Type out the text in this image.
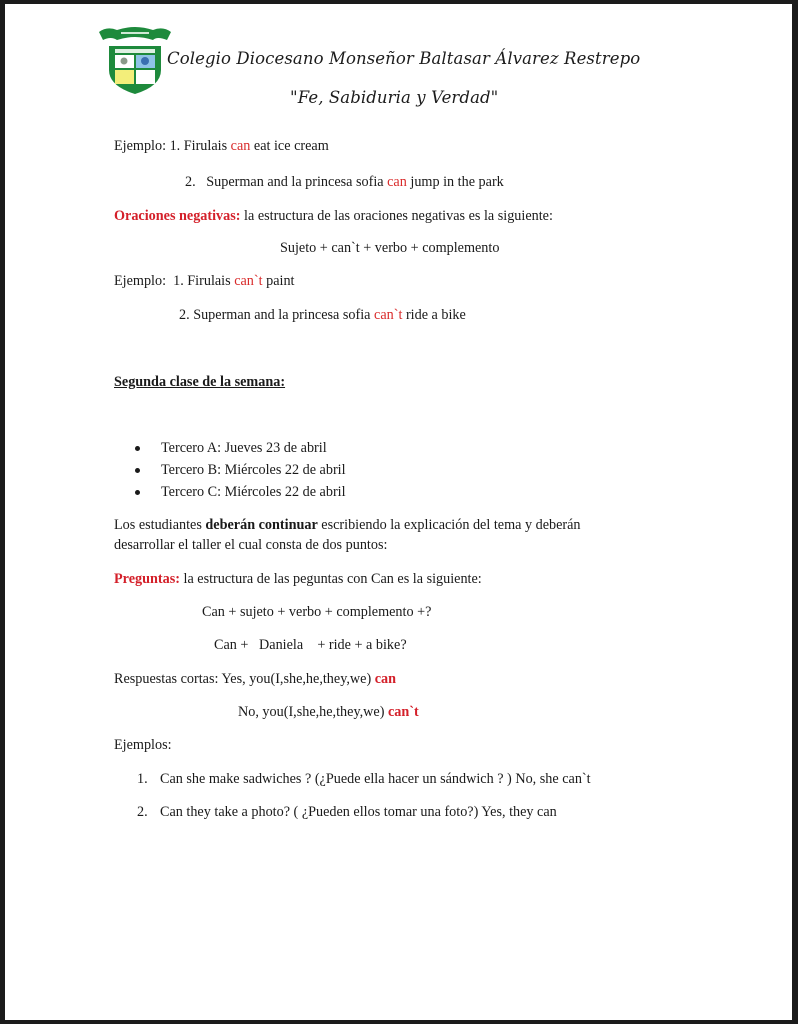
Colegio Diocesano Monseñor Baltasar Álvarez Restrepo
"Fe, Sabiduria y Verdad"
Ejemplo: 1. Firulais can eat ice cream
2. Superman and la princesa sofia can jump in the park
Oraciones negativas: la estructura de las oraciones negativas es la siguiente:
Sujeto + can`t + verbo + complemento
Ejemplo: 1. Firulais can`t paint
2. Superman and la princesa sofia can`t ride a bike
Segunda clase de la semana:
Tercero A: Jueves 23 de abril
Tercero B: Miércoles 22 de abril
Tercero C: Miércoles 22 de abril
Los estudiantes deberán continuar escribiendo la explicación del tema y deberán
desarrollar el taller el cual consta de dos puntos:
Preguntas: la estructura de las peguntas con Can es la siguiente:
Can + sujeto + verbo + complemento +?
Can +   Daniela    + ride + a bike?
Respuestas cortas: Yes, you(I,she,he,they,we) can
No, you(I,she,he,they,we) can`t
Ejemplos:
1. Can she make sadwiches ? (¿Puede ella hacer un sándwich ? ) No, she can`t
2. Can they take a photo? ( ¿Pueden ellos tomar una foto?) Yes, they can
